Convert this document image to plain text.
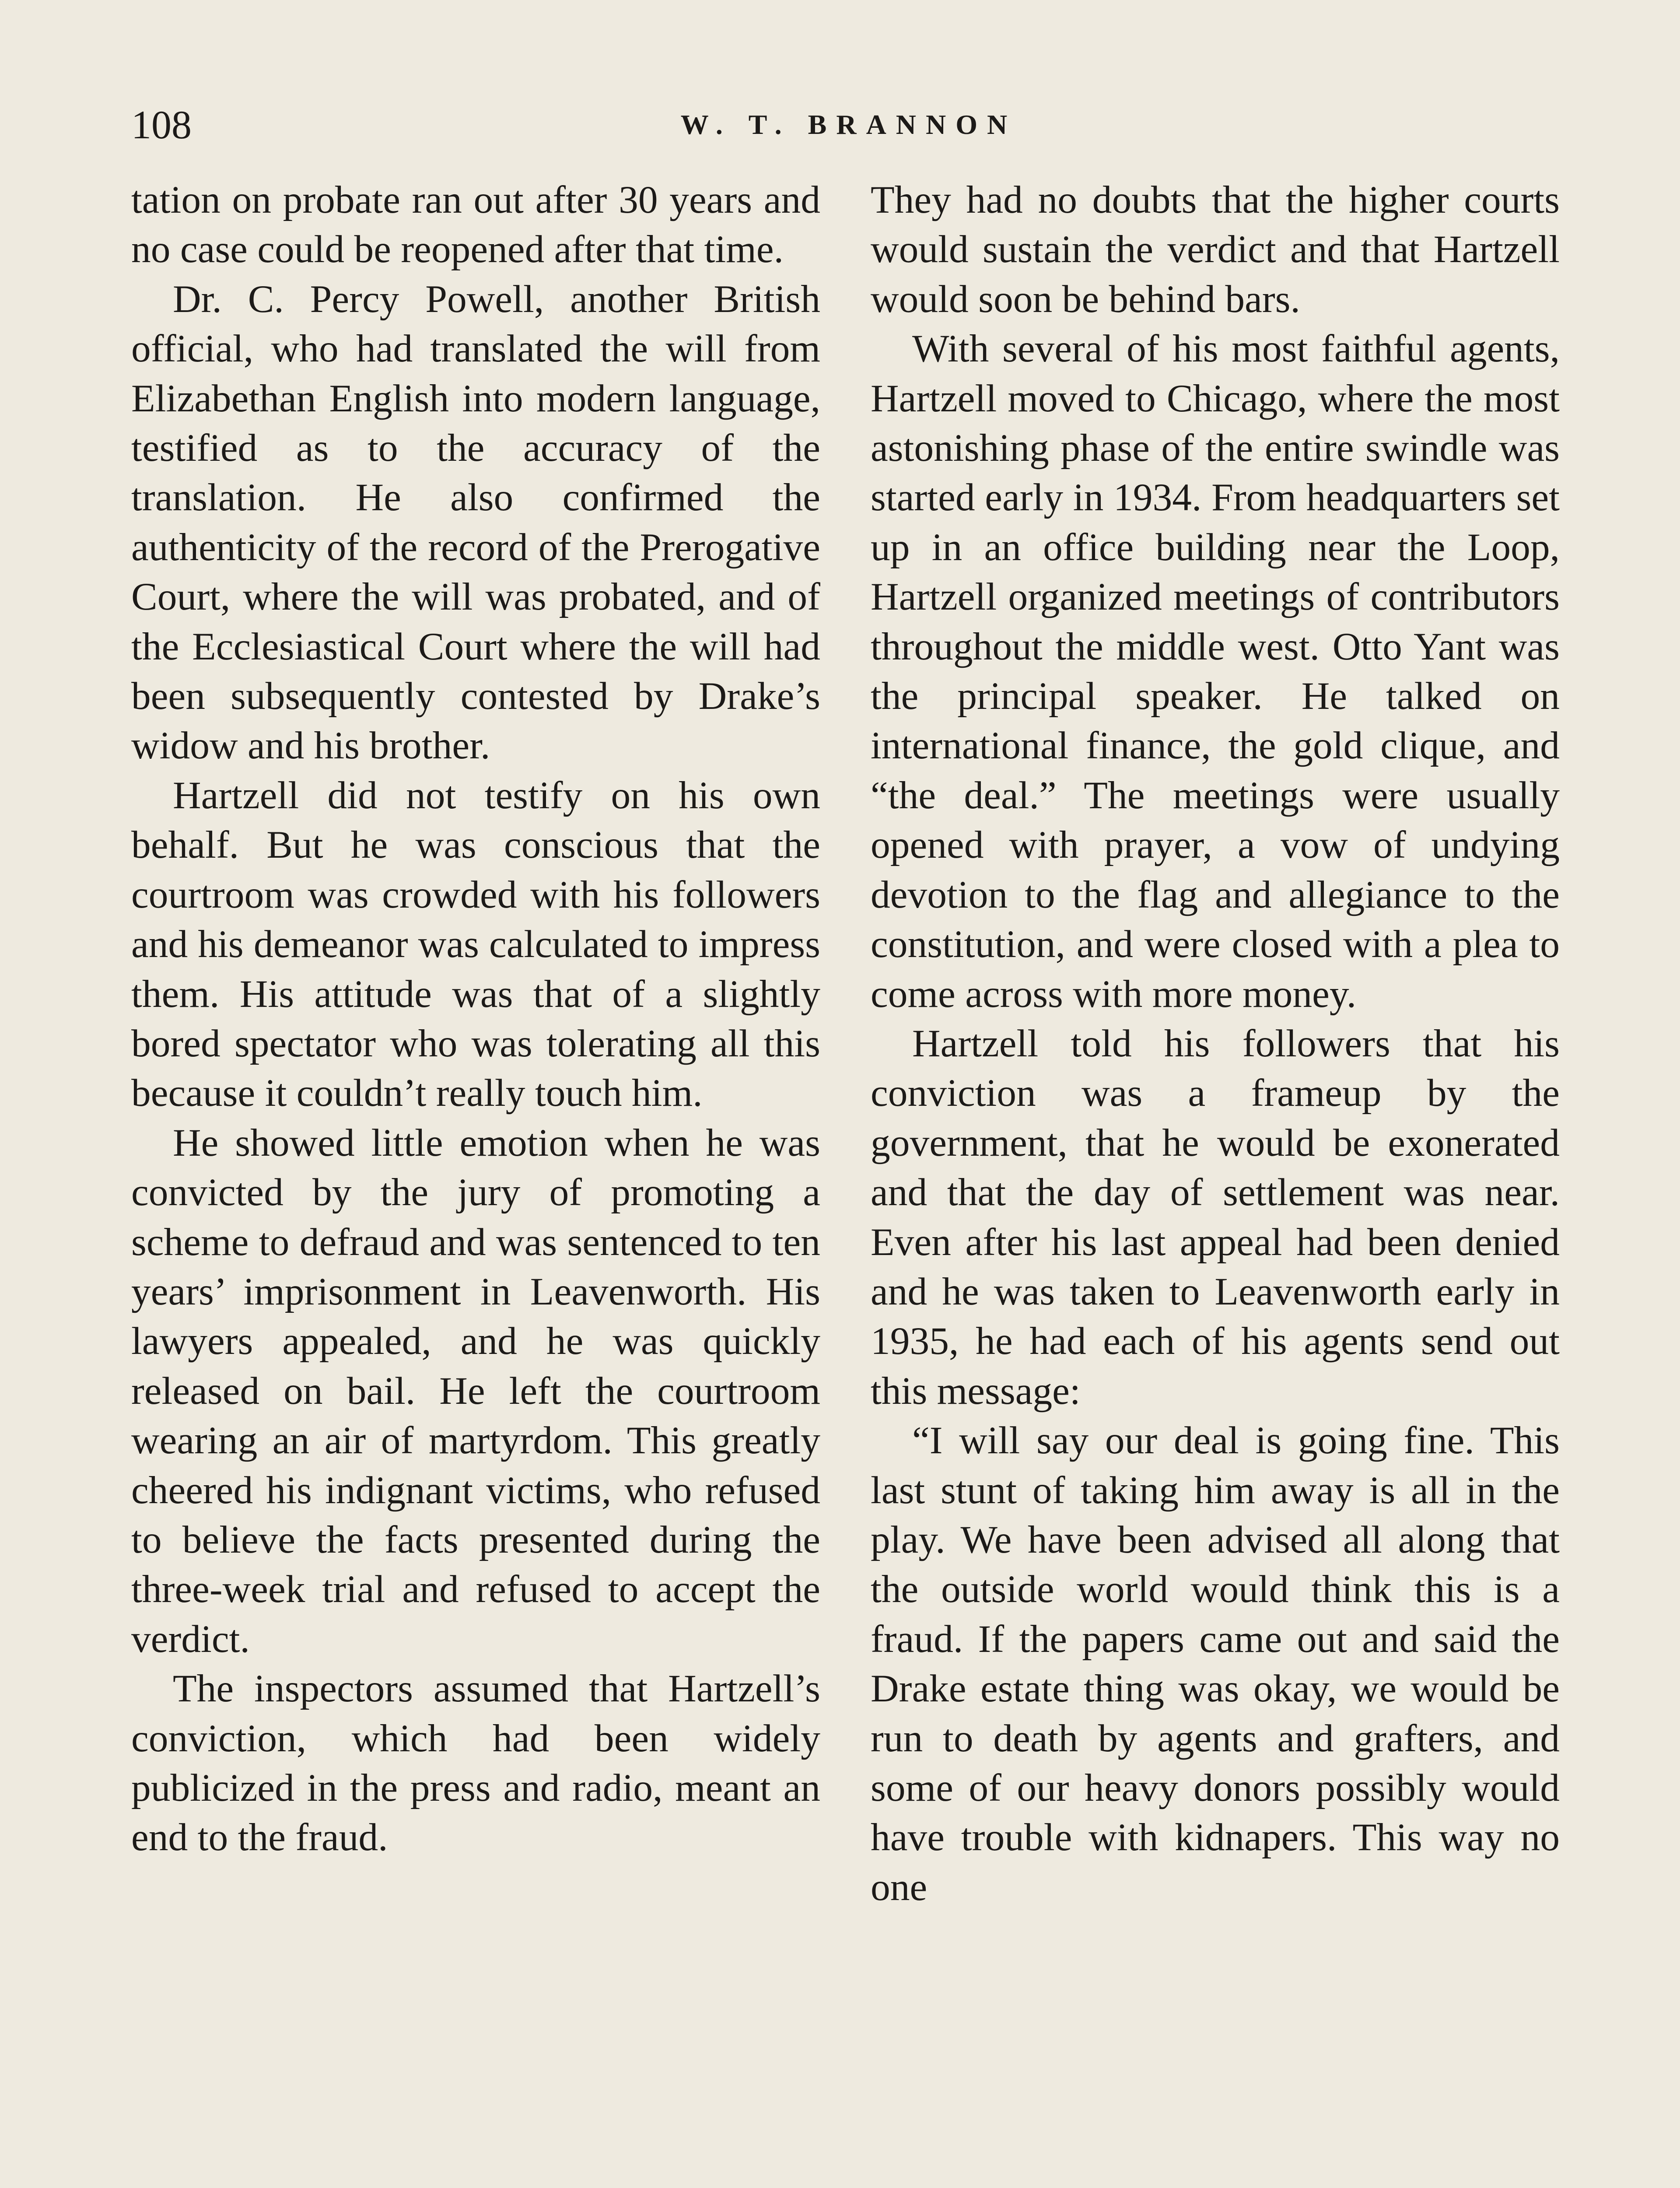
108	W. T. BRANNON

tation on probate ran out after 30 years and no case could be reopened after that time.

Dr. C. Percy Powell, another British official, who had translated the will from Elizabethan English into modern language, testified as to the accuracy of the translation. He also confirmed the authenticity of the record of the Prerogative Court, where the will was probated, and of the Ecclesiastical Court where the will had been subsequently contested by Drake’s widow and his brother.

Hartzell did not testify on his own behalf. But he was conscious that the courtroom was crowded with his followers and his demeanor was calculated to impress them. His attitude was that of a slightly bored spectator who was tolerating all this because it couldn’t really touch him.

He showed little emotion when he was convicted by the jury of promoting a scheme to defraud and was sentenced to ten years’ imprisonment in Leavenworth. His lawyers appealed, and he was quickly released on bail. He left the courtroom wearing an air of martyrdom. This greatly cheered his indignant victims, who refused to believe the facts presented during the three-week trial and refused to accept the verdict.

The inspectors assumed that Hartzell’s conviction, which had been widely publicized in the press and radio, meant an end to the fraud.

They had no doubts that the higher courts would sustain the verdict and that Hartzell would soon be behind bars.

With several of his most faithful agents, Hartzell moved to Chicago, where the most astonishing phase of the entire swindle was started early in 1934. From headquarters set up in an office building near the Loop, Hartzell organized meetings of contributors throughout the middle west. Otto Yant was the principal speaker. He talked on international finance, the gold clique, and “the deal.” The meetings were usually opened with prayer, a vow of undying devotion to the flag and allegiance to the constitution, and were closed with a plea to come across with more money.

Hartzell told his followers that his conviction was a frameup by the government, that he would be exonerated and that the day of settlement was near. Even after his last appeal had been denied and he was taken to Leavenworth early in 1935, he had each of his agents send out this message:

“I will say our deal is going fine. This last stunt of taking him away is all in the play. We have been advised all along that the outside world would think this is a fraud. If the papers came out and said the Drake estate thing was okay, we would be run to death by agents and grafters, and some of our heavy donors possibly would have trouble with kidnapers. This way no one
